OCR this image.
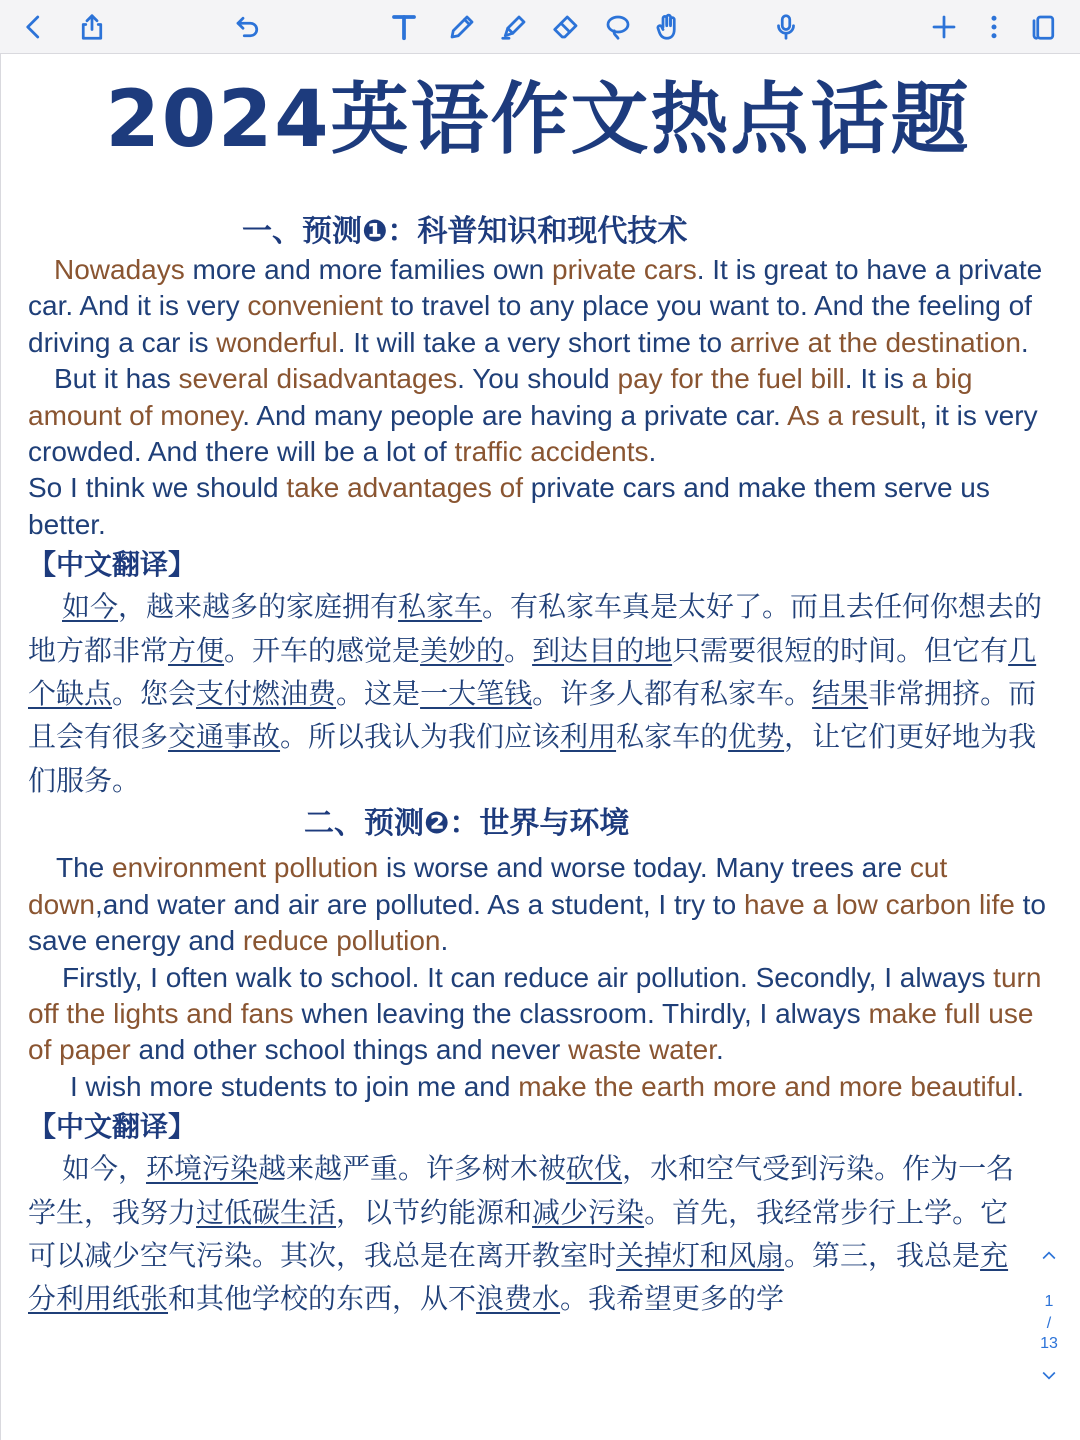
2024英语作文热点话题
一、预测❶：科普知识和现代技术

Nowadays more and more families own private cars. It is great to have a private car. And it is very convenient to travel to any place you want to. And the feeling of driving a car is wonderful. It will take a very short time to arrive at the destination.

But it has several disadvantages. You should pay for the fuel bill. It is a big amount of money. And many people are having a private car. As a result, it is very crowded. And there will be a lot of traffic accidents.

So I think we should take advantages of private cars and make them serve us better.

【中文翻译】

如今，越来越多的家庭拥有私家车。有私家车真是太好了。而且去任何你想去的地方都非常方便。开车的感觉是美妙的。到达目的地只需要很短的时间。但它有几个缺点。您会支付燃油费。这是一大笔钱。许多人都有私家车。结果非常拥挤。而且会有很多交通事故。所以我认为我们应该利用私家车的优势，让它们更好地为我们服务。

二、预测❷：世界与环境

The environment pollution is worse and worse today. Many trees are cut down,and water and air are polluted. As a student, I try to have a low carbon life to save energy and reduce pollution.

Firstly, I often walk to school. It can reduce air pollution. Secondly, I always turn off the lights and fans when leaving the classroom. Thirdly, I always make full use of paper and other school things and never waste water.

I wish more students to join me and make the earth more and more beautiful.

【中文翻译】

如今，环境污染越来越严重。许多树木被砍伐，水和空气受到污染。作为一名学生，我努力过低碳生活，以节约能源和减少污染。首先，我经常步行上学。它可以减少空气污染。其次，我总是在离开教室时关掉灯和风扇。第三，我总是充分利用纸张和其他学校的东西，从不浪费水。我希望更多的学	1
/
13
